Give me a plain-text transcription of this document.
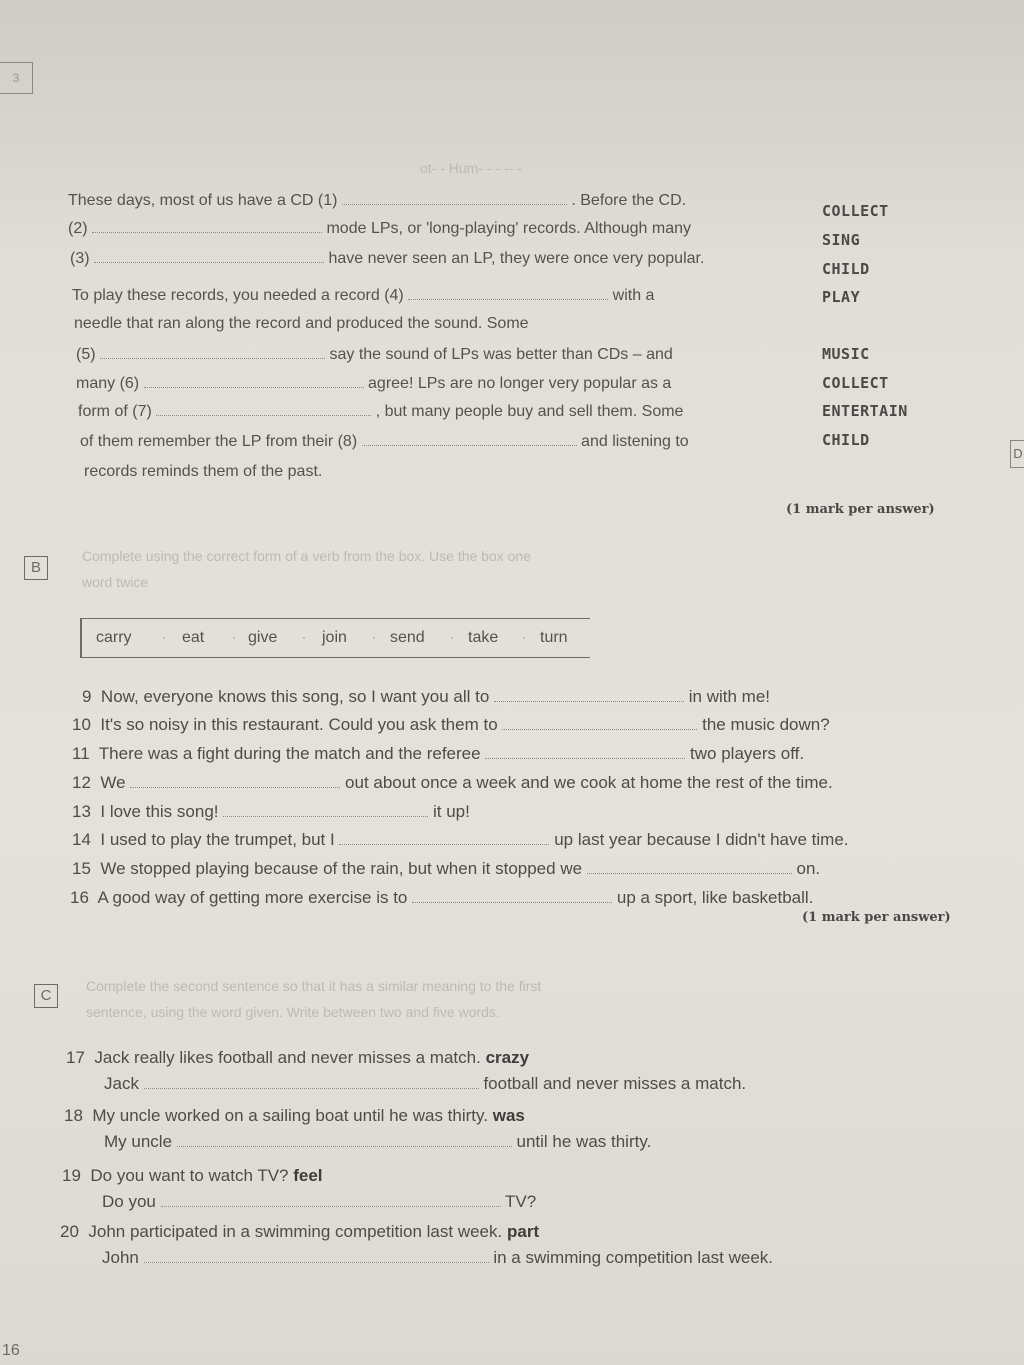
3
D
ot- - Hum- - - -- -
These days, most of us have a CD (1)	. Before the CD.
(2)	mode LPs, or 'long-playing' records. Although many
(3)	have never seen an LP, they were once very popular.
To play these records, you needed a record (4)	with a
needle that ran along the record and produced the sound. Some
(5)	say the sound of LPs was better than CDs – and
many (6)	agree! LPs are no longer very popular as a
form of (7)	, but many people buy and sell them. Some
of them remember the LP from their (8)	and listening to
records reminds them of the past.
COLLECT
SING
CHILD
PLAY
MUSIC
COLLECT
ENTERTAIN
CHILD
(1 mark per answer)
B
Complete using the correct form of a verb from the box. Use the box one
word twice
carry	· eat · give · join · send · take · turn
9 Now, everyone knows this song, so I want you all to	in with me!
10 It's so noisy in this restaurant. Could you ask them to	the music down?
11 There was a fight during the match and the referee	two players off.
12 We	out about once a week and we cook at home the rest of the time.
13 I love this song!	it up!
14 I used to play the trumpet, but I	up last year because I didn't have time.
15 We stopped playing because of the rain, but when it stopped we	on.
16 A good way of getting more exercise is to	up a sport, like basketball.
(1 mark per answer)
C
Complete the second sentence so that it has a similar meaning to the first
sentence, using the word given. Write between two and five words.
17 Jack really likes football and never misses a match. crazy
Jack	football and never misses a match.
18 My uncle worked on a sailing boat until he was thirty. was
My uncle	until he was thirty.
19 Do you want to watch TV? feel
Do you	TV?
20 John participated in a swimming competition last week. part
John	in a swimming competition last week.
16
